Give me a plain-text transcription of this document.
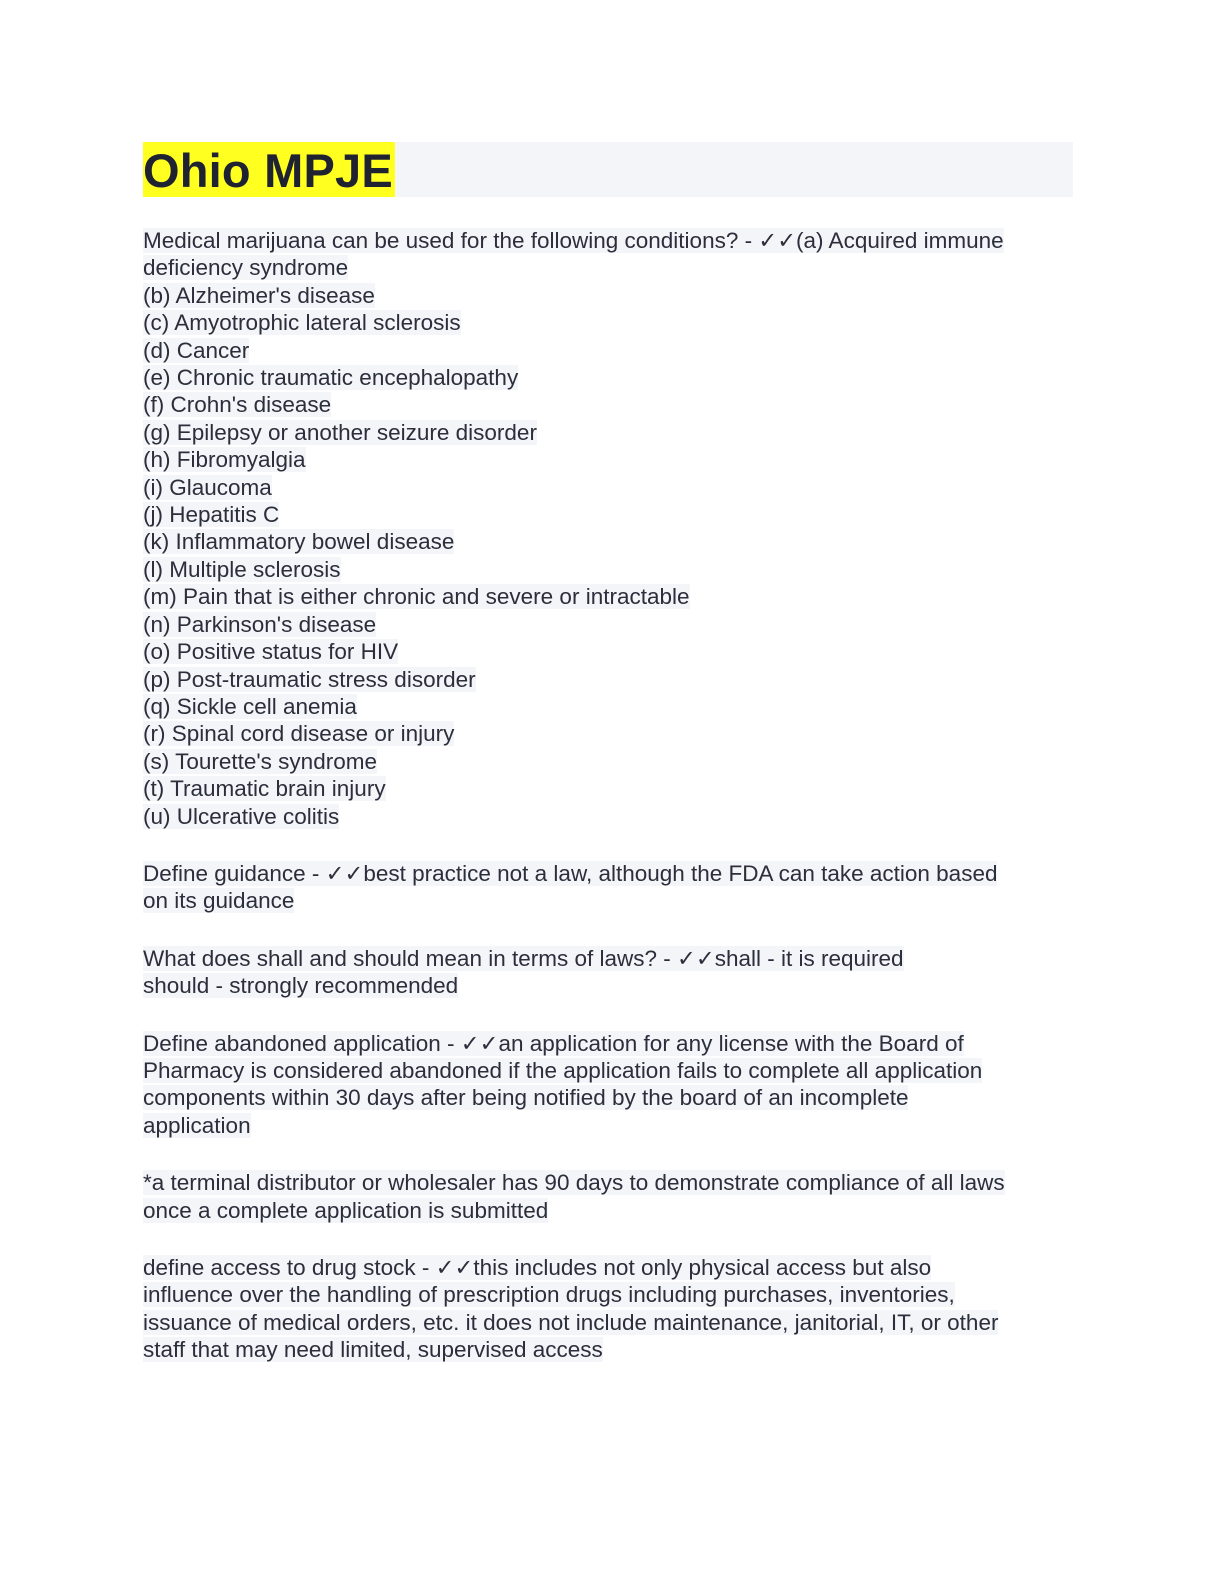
Ohio MPJE
Medical marijuana can be used for the following conditions? - ✓✓(a) Acquired immune
deficiency syndrome
(b) Alzheimer's disease
(c) Amyotrophic lateral sclerosis
(d) Cancer
(e) Chronic traumatic encephalopathy
(f) Crohn's disease
(g) Epilepsy or another seizure disorder
(h) Fibromyalgia
(i) Glaucoma
(j) Hepatitis C
(k) Inflammatory bowel disease
(l) Multiple sclerosis
(m) Pain that is either chronic and severe or intractable
(n) Parkinson's disease
(o) Positive status for HIV
(p) Post-traumatic stress disorder
(q) Sickle cell anemia
(r) Spinal cord disease or injury
(s) Tourette's syndrome
(t) Traumatic brain injury
(u) Ulcerative colitis
Define guidance - ✓✓best practice not a law, although the FDA can take action based
on its guidance
What does shall and should mean in terms of laws? - ✓✓shall - it is required
should - strongly recommended
Define abandoned application - ✓✓an application for any license with the Board of
Pharmacy is considered abandoned if the application fails to complete all application
components within 30 days after being notified by the board of an incomplete
application
*a terminal distributor or wholesaler has 90 days to demonstrate compliance of all laws
once a complete application is submitted
define access to drug stock - ✓✓this includes not only physical access but also
influence over the handling of prescription drugs including purchases, inventories,
issuance of medical orders, etc. it does not include maintenance, janitorial, IT, or other
staff that may need limited, supervised access
